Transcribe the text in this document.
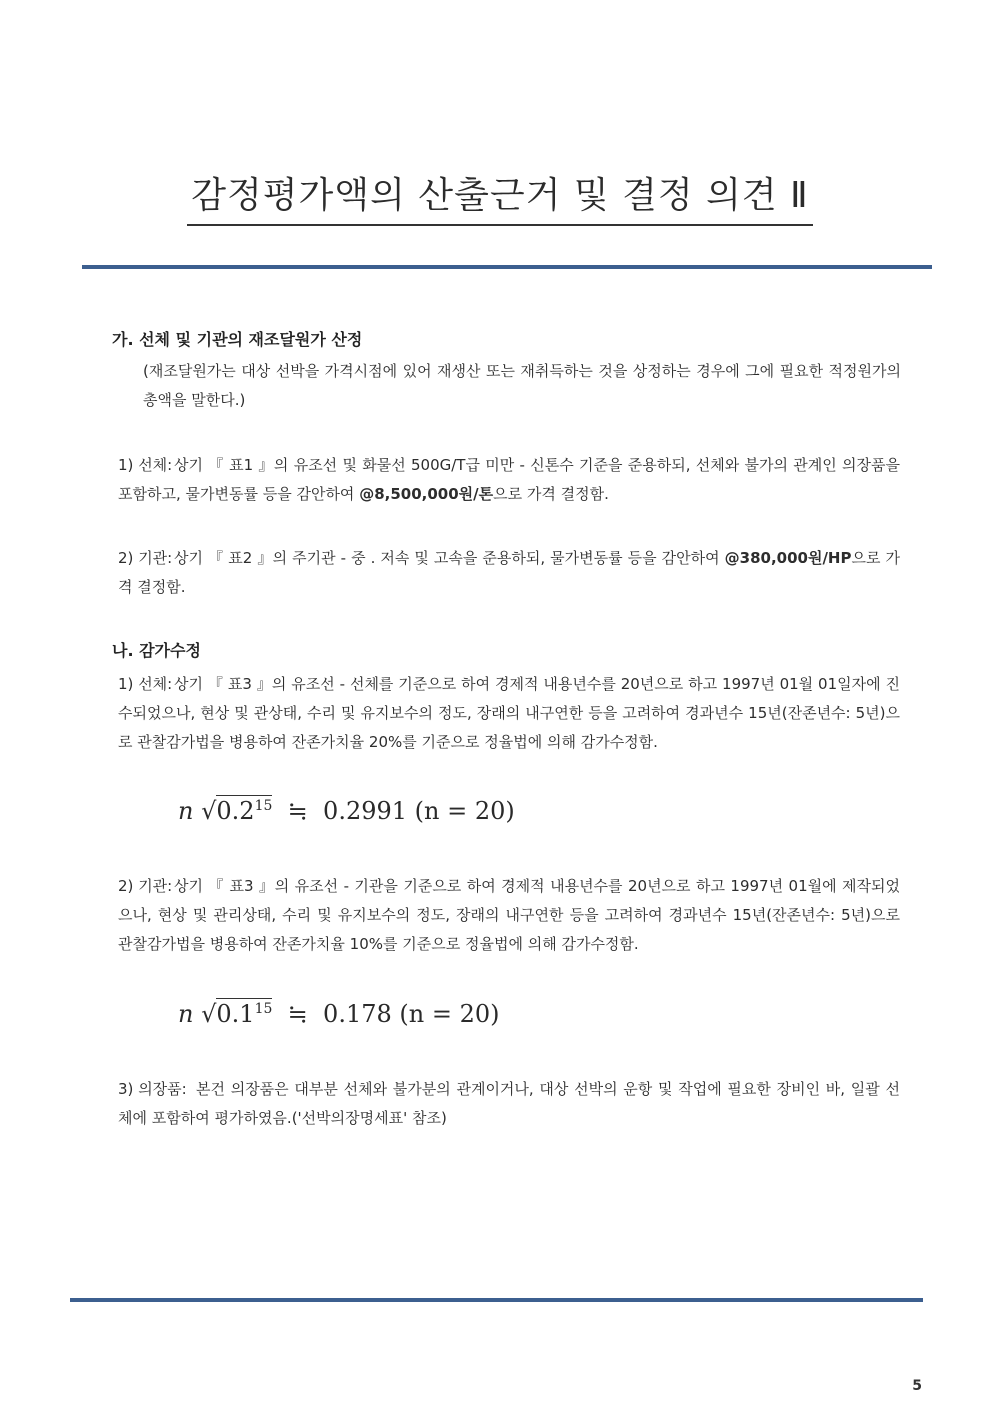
감정평가액의 산출근거 및 결정 의견 Ⅱ
가. 선체 및 기관의 재조달원가 산정
(재조달원가는 대상 선박을 가격시점에 있어 재생산 또는 재취득하는 것을 상정하는 경우에 그에 필요한 적정원가의 총액을 말한다.)
1) 선체: 상기 『 표1 』의 유조선 및 화물선 500G/T급 미만 - 신톤수 기준을 준용하되, 선체와 불가의 관계인 의장품을 포함하고, 물가변동률 등을 감안하여 @8,500,000원/톤으로 가격 결정함.
2) 기관: 상기 『 표2 』의 주기관 - 중 . 저속 및 고속을 준용하되, 물가변동률 등을 감안하여 @380,000원/HP으로 가격 결정함.
나. 감가수정
1) 선체: 상기 『 표3 』의 유조선 - 선체를 기준으로 하여 경제적 내용년수를 20년으로 하고 1997년 01월 01일자에 진수되었으나, 현상 및 관상태, 수리 및 유지보수의 정도, 장래의 내구연한 등을 고려하여 경과년수 15년(잔존년수: 5년)으로 관찰감가법을 병용하여 잔존가치율 20%를 기준으로 정율법에 의해 감가수정함.
n $√0.2^{15}$ ≒ 0.2991 (n = 20)
2) 기관: 상기 『 표3 』의 유조선 - 기관을 기준으로 하여 경제적 내용년수를 20년으로 하고 1997년 01월에 제작되었으나, 현상 및 관리상태, 수리 및 유지보수의 정도, 장래의 내구연한 등을 고려하여 경과년수 15년(잔존년수: 5년)으로 관찰감가법을 병용하여 잔존가치율 10%를 기준으로 정율법에 의해 감가수정함.
n $√0.1^{15}$ ≒ 0.178 (n = 20)
3) 의장품: 본건 의장품은 대부분 선체와 불가분의 관계이거나, 대상 선박의 운항 및 작업에 필요한 장비인 바, 일괄 선체에 포함하여 평가하였음.('선박의장명세표' 참조)
5
